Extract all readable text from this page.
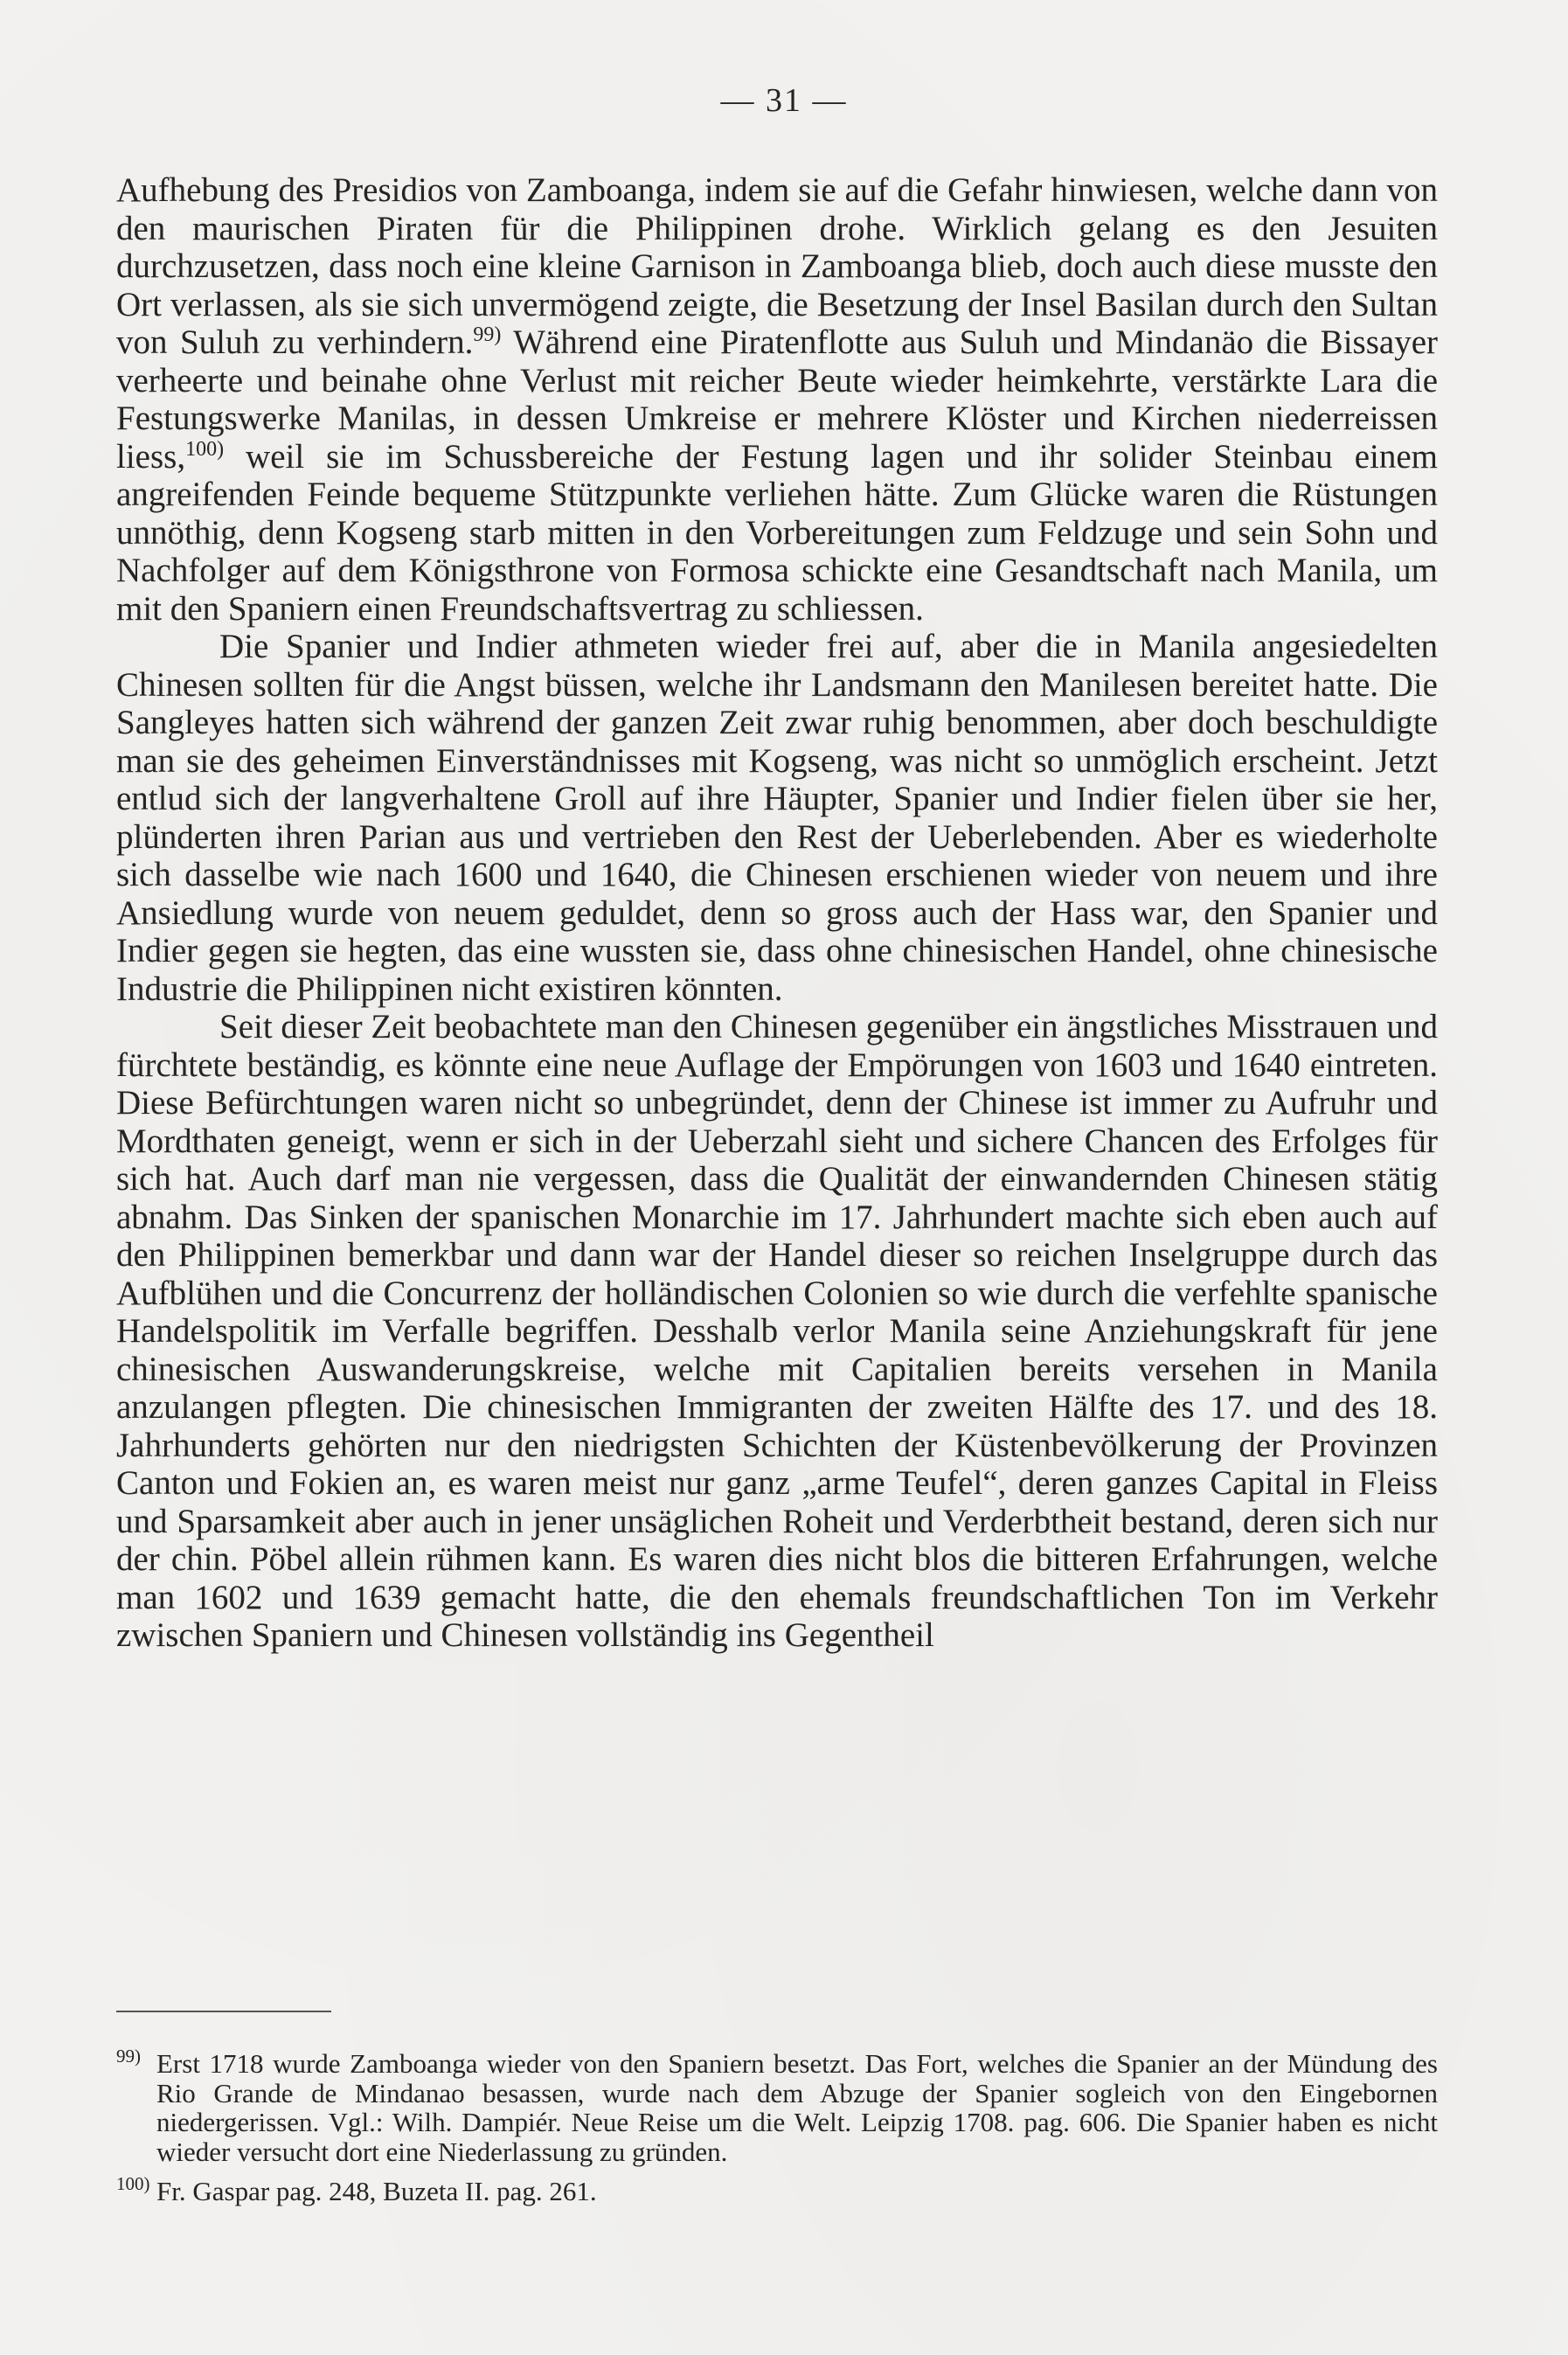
— 31 —

Aufhebung des Presidios von Zamboanga, indem sie auf die Gefahr hinwiesen, welche dann von den maurischen Piraten für die Philippinen drohe. Wirklich gelang es den Jesuiten durchzusetzen, dass noch eine kleine Garnison in Zamboanga blieb, doch auch diese musste den Ort verlassen, als sie sich unvermögend zeigte, die Besetzung der Insel Basilan durch den Sultan von Suluh zu verhindern.$^{99)}$ Während eine Piratenflotte aus Suluh und Mindanäo die Bissayer verheerte und beinahe ohne Verlust mit reicher Beute wieder heimkehrte, verstärkte Lara die Festungswerke Manilas, in dessen Umkreise er mehrere Klöster und Kirchen niederreissen liess,$^{100)}$ weil sie im Schussbereiche der Festung lagen und ihr solider Steinbau einem angreifenden Feinde bequeme Stützpunkte verliehen hätte. Zum Glücke waren die Rüstungen unnöthig, denn Kogseng starb mitten in den Vorbereitungen zum Feldzuge und sein Sohn und Nachfolger auf dem Königsthrone von Formosa schickte eine Gesandtschaft nach Manila, um mit den Spaniern einen Freundschaftsvertrag zu schliessen.

Die Spanier und Indier athmeten wieder frei auf, aber die in Manila angesiedelten Chinesen sollten für die Angst büssen, welche ihr Landsmann den Manilesen bereitet hatte. Die Sangleyes hatten sich während der ganzen Zeit zwar ruhig benommen, aber doch beschuldigte man sie des geheimen Einverständnisses mit Kogseng, was nicht so unmöglich erscheint. Jetzt entlud sich der langverhaltene Groll auf ihre Häupter, Spanier und Indier fielen über sie her, plünderten ihren Parian aus und vertrieben den Rest der Ueberlebenden. Aber es wiederholte sich dasselbe wie nach 1600 und 1640, die Chinesen erschienen wieder von neuem und ihre Ansiedlung wurde von neuem geduldet, denn so gross auch der Hass war, den Spanier und Indier gegen sie hegten, das eine wussten sie, dass ohne chinesischen Handel, ohne chinesische Industrie die Philippinen nicht existiren könnten.

Seit dieser Zeit beobachtete man den Chinesen gegenüber ein ängstliches Misstrauen und fürchtete beständig, es könnte eine neue Auflage der Empörungen von 1603 und 1640 eintreten. Diese Befürchtungen waren nicht so unbegründet, denn der Chinese ist immer zu Aufruhr und Mordthaten geneigt, wenn er sich in der Ueberzahl sieht und sichere Chancen des Erfolges für sich hat. Auch darf man nie vergessen, dass die Qualität der einwandernden Chinesen stätig abnahm. Das Sinken der spanischen Monarchie im 17. Jahrhundert machte sich eben auch auf den Philippinen bemerkbar und dann war der Handel dieser so reichen Inselgruppe durch das Aufblühen und die Concurrenz der holländischen Colonien so wie durch die verfehlte spanische Handelspolitik im Verfalle begriffen. Desshalb verlor Manila seine Anziehungskraft für jene chinesischen Auswanderungskreise, welche mit Capitalien bereits versehen in Manila anzulangen pflegten. Die chinesischen Immigranten der zweiten Hälfte des 17. und des 18. Jahrhunderts gehörten nur den niedrigsten Schichten der Küstenbevölkerung der Provinzen Canton und Fokien an, es waren meist nur ganz „arme Teufel“, deren ganzes Capital in Fleiss und Sparsamkeit aber auch in jener unsäglichen Roheit und Verderbtheit bestand, deren sich nur der chin. Pöbel allein rühmen kann. Es waren dies nicht blos die bitteren Erfahrungen, welche man 1602 und 1639 gemacht hatte, die den ehemals freundschaftlichen Ton im Verkehr zwischen Spaniern und Chinesen vollständig ins Gegentheil

99) Erst 1718 wurde Zamboanga wieder von den Spaniern besetzt. Das Fort, welches die Spanier an der Mündung des Rio Grande de Mindanao besassen, wurde nach dem Abzuge der Spanier sogleich von den Eingebornen niedergerissen. Vgl.: Wilh. Dampiér. Neue Reise um die Welt. Leipzig 1708. pag. 606. Die Spanier haben es nicht wieder versucht dort eine Niederlassung zu gründen.

100) Fr. Gaspar pag. 248, Buzeta II. pag. 261.
